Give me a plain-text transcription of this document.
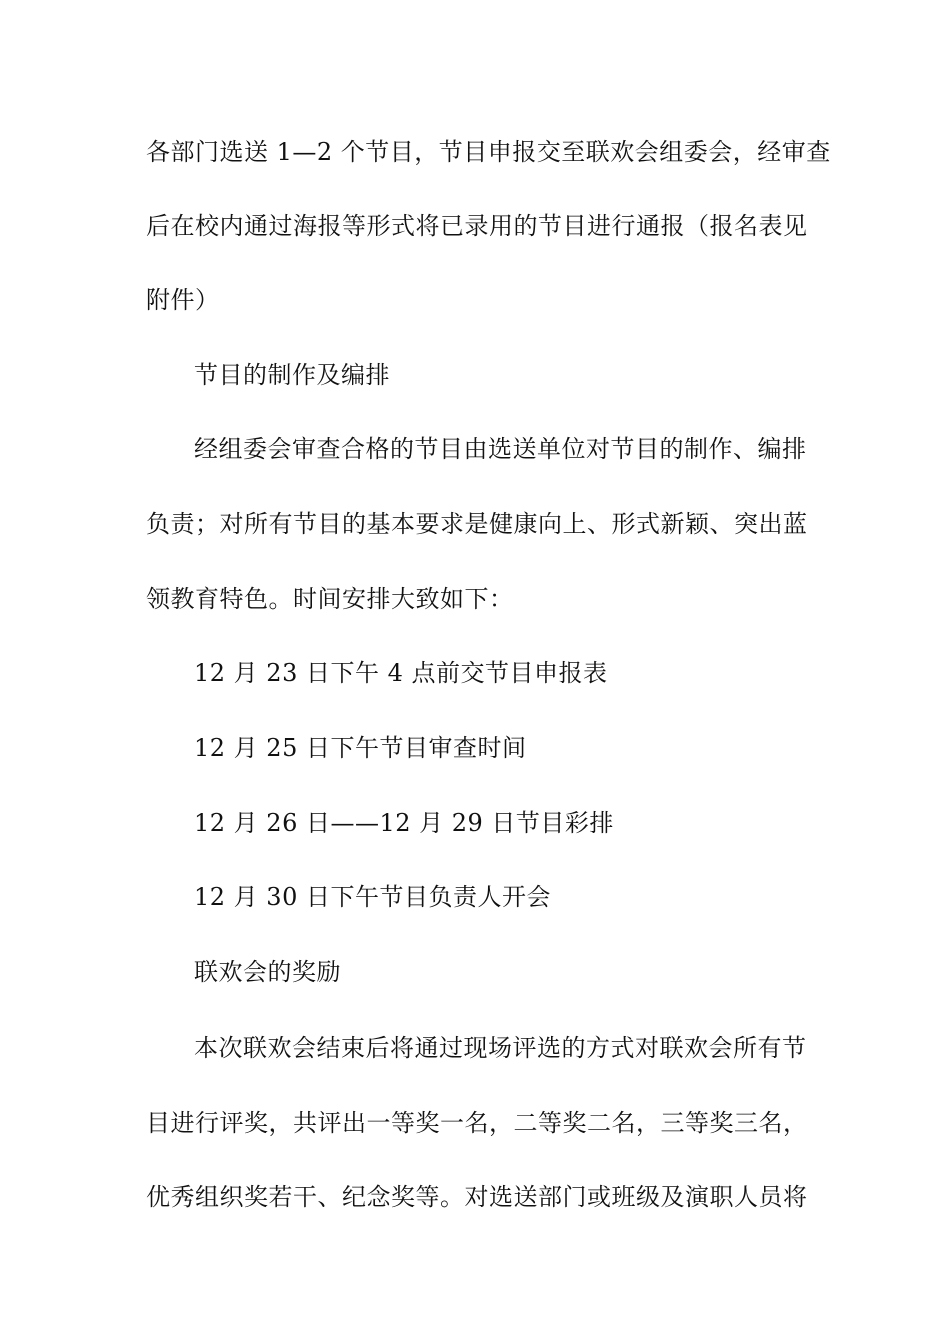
各部门选送 1—2 个节目，节目申报交至联欢会组委会，经审查
后在校内通过海报等形式将已录用的节目进行通报（报名表见
附件）
节目的制作及编排
经组委会审查合格的节目由选送单位对节目的制作、编排
负责；对所有节目的基本要求是健康向上、形式新颖、突出蓝
领教育特色。时间安排大致如下：
12 月 23 日下午 4 点前交节目申报表
12 月 25 日下午节目审查时间
12 月 26 日——12 月 29 日节目彩排
12 月 30 日下午节目负责人开会
联欢会的奖励
本次联欢会结束后将通过现场评选的方式对联欢会所有节
目进行评奖，共评出一等奖一名，二等奖二名，三等奖三名，
优秀组织奖若干、纪念奖等。对选送部门或班级及演职人员将
